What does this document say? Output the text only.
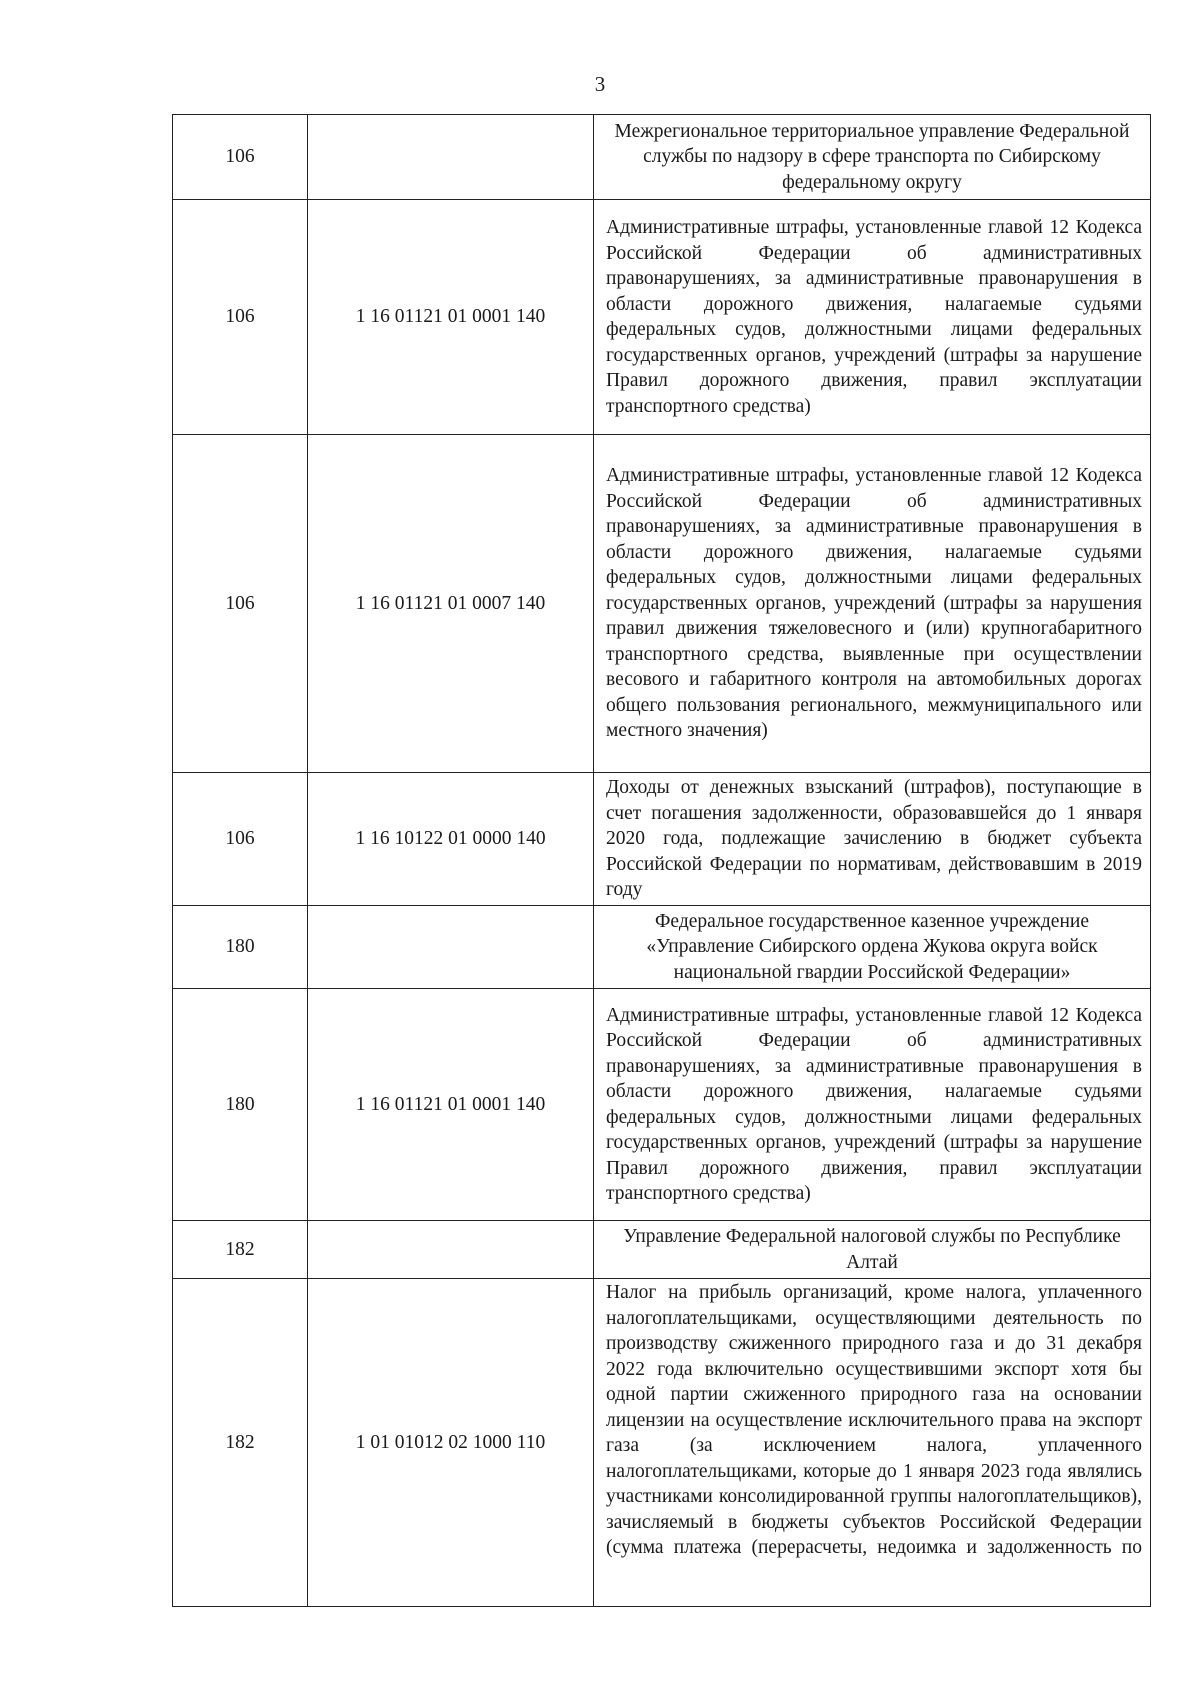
3
106		Межрегиональное территориальное управление Федеральной службы по надзору в сфере транспорта по Сибирскому федеральному округу
106	1 16 01121 01 0001 140	Административные штрафы, установленные главой 12 Кодекса Российской Федерации об административных правонарушениях, за административные правонарушения в области дорожного движения, налагаемые судьями федеральных судов, должностными лицами федеральных государственных органов, учреждений (штрафы за нарушение Правил дорожного движения, правил эксплуатации транспортного средства)
106	1 16 01121 01 0007 140	Административные штрафы, установленные главой 12 Кодекса Российской Федерации об административных правонарушениях, за административные правонарушения в области дорожного движения, налагаемые судьями федеральных судов, должностными лицами федеральных государственных органов, учреждений (штрафы за нарушения правил движения тяжеловесного и (или) крупногабаритного транспортного средства, выявленные при осуществлении весового и габаритного контроля на автомобильных дорогах общего пользования регионального, межмуниципального или местного значения)
106	1 16 10122 01 0000 140	Доходы от денежных взысканий (штрафов), поступающие в счет погашения задолженности, образовавшейся до 1 января 2020 года, подлежащие зачислению в бюджет субъекта Российской Федерации по нормативам, действовавшим в 2019 году
180		Федеральное государственное казенное учреждение «Управление Сибирского ордена Жукова округа войск национальной гвардии Российской Федерации»
180	1 16 01121 01 0001 140	Административные штрафы, установленные главой 12 Кодекса Российской Федерации об административных правонарушениях, за административные правонарушения в области дорожного движения, налагаемые судьями федеральных судов, должностными лицами федеральных государственных органов, учреждений (штрафы за нарушение Правил дорожного движения, правил эксплуатации транспортного средства)
182		Управление Федеральной налоговой службы по Республике Алтай
182	1 01 01012 02 1000 110	Налог на прибыль организаций, кроме налога, уплаченного налогоплательщиками, осуществляющими деятельность по производству сжиженного природного газа и до 31 декабря 2022 года включительно осуществившими экспорт хотя бы одной партии сжиженного природного газа на основании лицензии на осуществление исключительного права на экспорт газа (за исключением налога, уплаченного налогоплательщиками, которые до 1 января 2023 года являлись участниками консолидированной группы налогоплательщиков), зачисляемый в бюджеты субъектов Российской Федерации (сумма платежа (перерасчеты, недоимка и задолженность по
